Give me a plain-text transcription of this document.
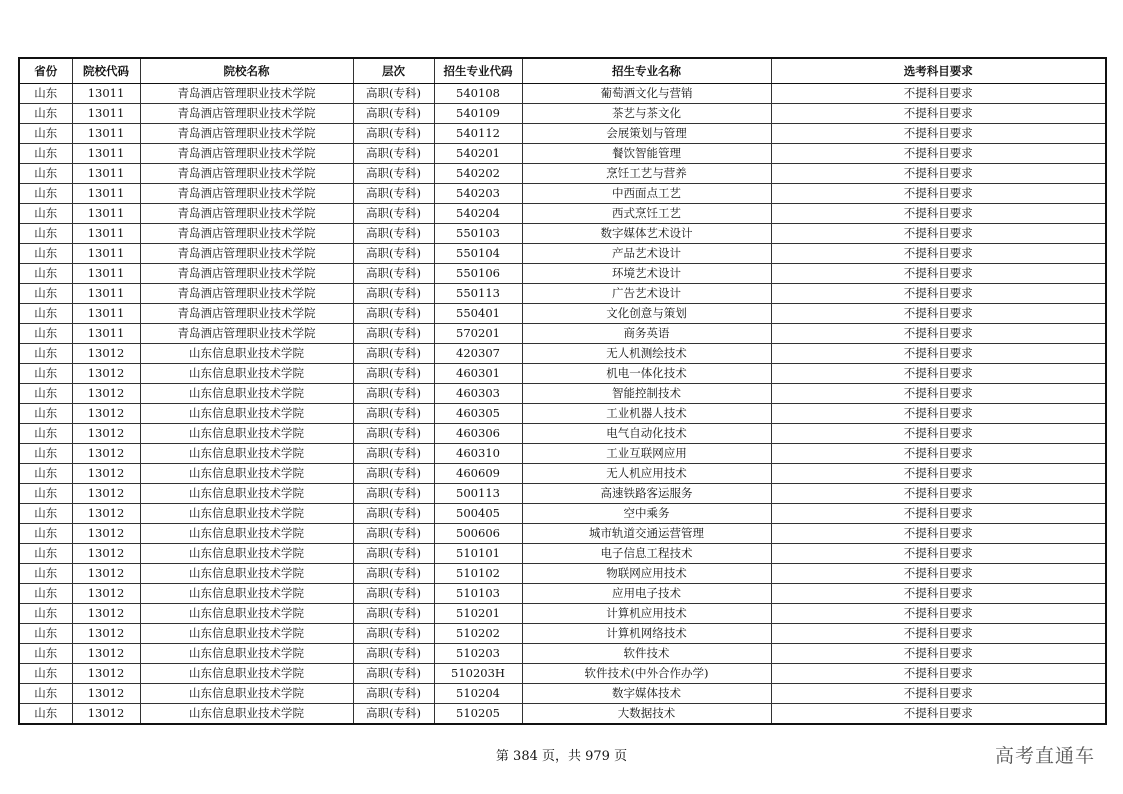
省份	院校代码	院校名称	层次	招生专业代码	招生专业名称	选考科目要求
山东	13011	青岛酒店管理职业技术学院	高职(专科)	540108	葡萄酒文化与营销	不提科目要求
山东	13011	青岛酒店管理职业技术学院	高职(专科)	540109	茶艺与茶文化	不提科目要求
山东	13011	青岛酒店管理职业技术学院	高职(专科)	540112	会展策划与管理	不提科目要求
山东	13011	青岛酒店管理职业技术学院	高职(专科)	540201	餐饮智能管理	不提科目要求
山东	13011	青岛酒店管理职业技术学院	高职(专科)	540202	烹饪工艺与营养	不提科目要求
山东	13011	青岛酒店管理职业技术学院	高职(专科)	540203	中西面点工艺	不提科目要求
山东	13011	青岛酒店管理职业技术学院	高职(专科)	540204	西式烹饪工艺	不提科目要求
山东	13011	青岛酒店管理职业技术学院	高职(专科)	550103	数字媒体艺术设计	不提科目要求
山东	13011	青岛酒店管理职业技术学院	高职(专科)	550104	产品艺术设计	不提科目要求
山东	13011	青岛酒店管理职业技术学院	高职(专科)	550106	环境艺术设计	不提科目要求
山东	13011	青岛酒店管理职业技术学院	高职(专科)	550113	广告艺术设计	不提科目要求
山东	13011	青岛酒店管理职业技术学院	高职(专科)	550401	文化创意与策划	不提科目要求
山东	13011	青岛酒店管理职业技术学院	高职(专科)	570201	商务英语	不提科目要求
山东	13012	山东信息职业技术学院	高职(专科)	420307	无人机测绘技术	不提科目要求
山东	13012	山东信息职业技术学院	高职(专科)	460301	机电一体化技术	不提科目要求
山东	13012	山东信息职业技术学院	高职(专科)	460303	智能控制技术	不提科目要求
山东	13012	山东信息职业技术学院	高职(专科)	460305	工业机器人技术	不提科目要求
山东	13012	山东信息职业技术学院	高职(专科)	460306	电气自动化技术	不提科目要求
山东	13012	山东信息职业技术学院	高职(专科)	460310	工业互联网应用	不提科目要求
山东	13012	山东信息职业技术学院	高职(专科)	460609	无人机应用技术	不提科目要求
山东	13012	山东信息职业技术学院	高职(专科)	500113	高速铁路客运服务	不提科目要求
山东	13012	山东信息职业技术学院	高职(专科)	500405	空中乘务	不提科目要求
山东	13012	山东信息职业技术学院	高职(专科)	500606	城市轨道交通运营管理	不提科目要求
山东	13012	山东信息职业技术学院	高职(专科)	510101	电子信息工程技术	不提科目要求
山东	13012	山东信息职业技术学院	高职(专科)	510102	物联网应用技术	不提科目要求
山东	13012	山东信息职业技术学院	高职(专科)	510103	应用电子技术	不提科目要求
山东	13012	山东信息职业技术学院	高职(专科)	510201	计算机应用技术	不提科目要求
山东	13012	山东信息职业技术学院	高职(专科)	510202	计算机网络技术	不提科目要求
山东	13012	山东信息职业技术学院	高职(专科)	510203	软件技术	不提科目要求
山东	13012	山东信息职业技术学院	高职(专科)	510203H	软件技术(中外合作办学)	不提科目要求
山东	13012	山东信息职业技术学院	高职(专科)	510204	数字媒体技术	不提科目要求
山东	13012	山东信息职业技术学院	高职(专科)	510205	大数据技术	不提科目要求
第 384 页，共 979 页	高考直通车
